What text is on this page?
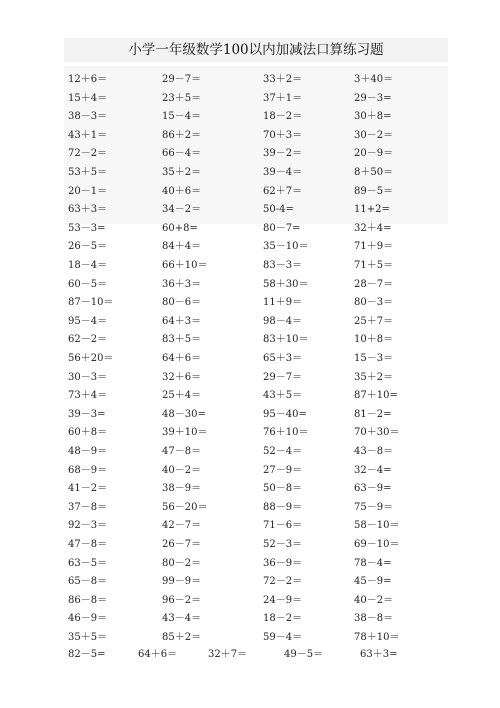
小学一年级数学100以内加减法口算练习题
12＋6＝	29－7＝	33＋2＝	3＋40＝
15＋4＝	23＋5＝	37＋1＝	29－3=
38－3＝	15－4＝	18－2＝	30＋8=
43＋1＝	86＋2＝	70＋3＝	30－2＝
72－2＝	66－4＝	39－2＝	20－9＝
53＋5＝	35＋2＝	39－4＝	8＋50＝
20－1＝	40＋6＝	62＋7＝	89－5＝
63＋3＝	34－2＝	50-4=	11+2=
53－3=	60+8=	80－7=	32＋4=
26－5＝	84＋4＝	35－10＝	71＋9＝
18－4＝	66＋10＝	83－3＝	71＋5＝
60－5＝	36＋3＝	58＋30＝	28－7＝
87－10＝	80－6＝	11＋9＝	80－3＝
95－4＝	64＋3＝	98－4＝	25＋7＝
62－2＝	83＋5＝	83＋10＝	10＋8＝
56＋20＝	64＋6＝	65＋3＝	15－3＝
30－3＝	32＋6＝	29－7＝	35＋2＝
73＋4＝	25＋4＝	43＋5＝	87＋10=
39－3=	48－30=	95－40=	81－2=
60＋8＝	39＋10＝	76＋10＝	70＋30＝
48－9＝	47－8＝	52－4＝	43－8＝
68－9＝	40－2＝	27－9＝	32－4=
41－2＝	38－9＝	50－8＝	63－9=
37－8＝	56－20＝	88－9＝	75－9＝
92－3＝	42－7＝	71－6＝	58－10＝
47－8＝	26－7＝	52－3＝	69－10＝
63－5＝	80－2＝	36－9＝	78－4=
65－8＝	99－9＝	72－2＝	45－9=
86－8＝	96－2＝	24－9＝	40－2＝
46－9＝	43－4＝	18－2＝	38－8＝
35＋5＝	85＋2＝	59－4＝	78＋10＝
82－5=	64＋6＝	32＋7＝	49－5＝	63＋3=
